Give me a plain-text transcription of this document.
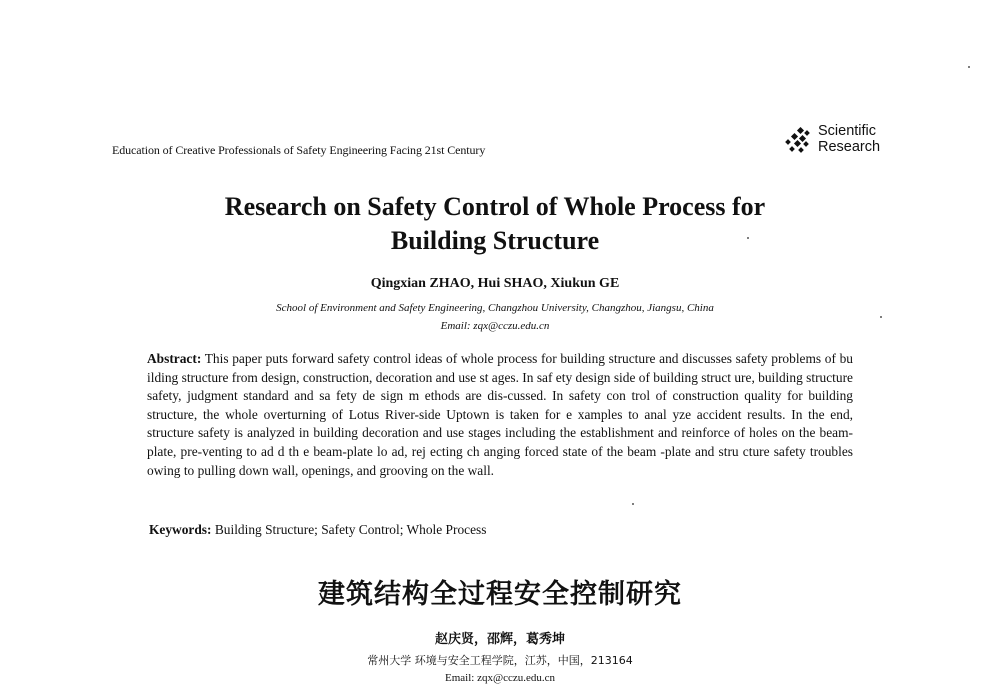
Education of Creative Professionals of Safety Engineering Facing 21st Century
Scientific
Research
Research on Safety Control of Whole Process for
Building Structure
Qingxian ZHAO, Hui SHAO, Xiukun GE
School of Environment and Safety Engineering, Changzhou University, Changzhou, Jiangsu, China
Email: zqx@cczu.edu.cn
Abstract: This paper puts forward safety control ideas of whole process for building structure and discusses safety problems of bu ilding structure from design, construction, decoration and use st ages. In saf ety design side of building struct ure, building structure safety, judgment standard and sa fety de sign m ethods are dis-cussed. In safety con trol of construction quality for building structure, the whole overturning of Lotus River-side Uptown is taken for e xamples to anal yze accident results. In the end, structure safety is analyzed in building decoration and use stages including the establishment and reinforce of holes on the beam-plate, pre-venting to ad d th e beam-plate lo ad, rej ecting ch anging forced state of the beam -plate and stru cture safety troubles owing to pulling down wall, openings, and grooving on the wall.
Keywords: Building Structure; Safety Control; Whole Process
建筑结构全过程安全控制研究
赵庆贤，邵辉，葛秀坤
常州大学 环境与安全工程学院，江苏，中国，213164
Email: zqx@cczu.edu.cn
